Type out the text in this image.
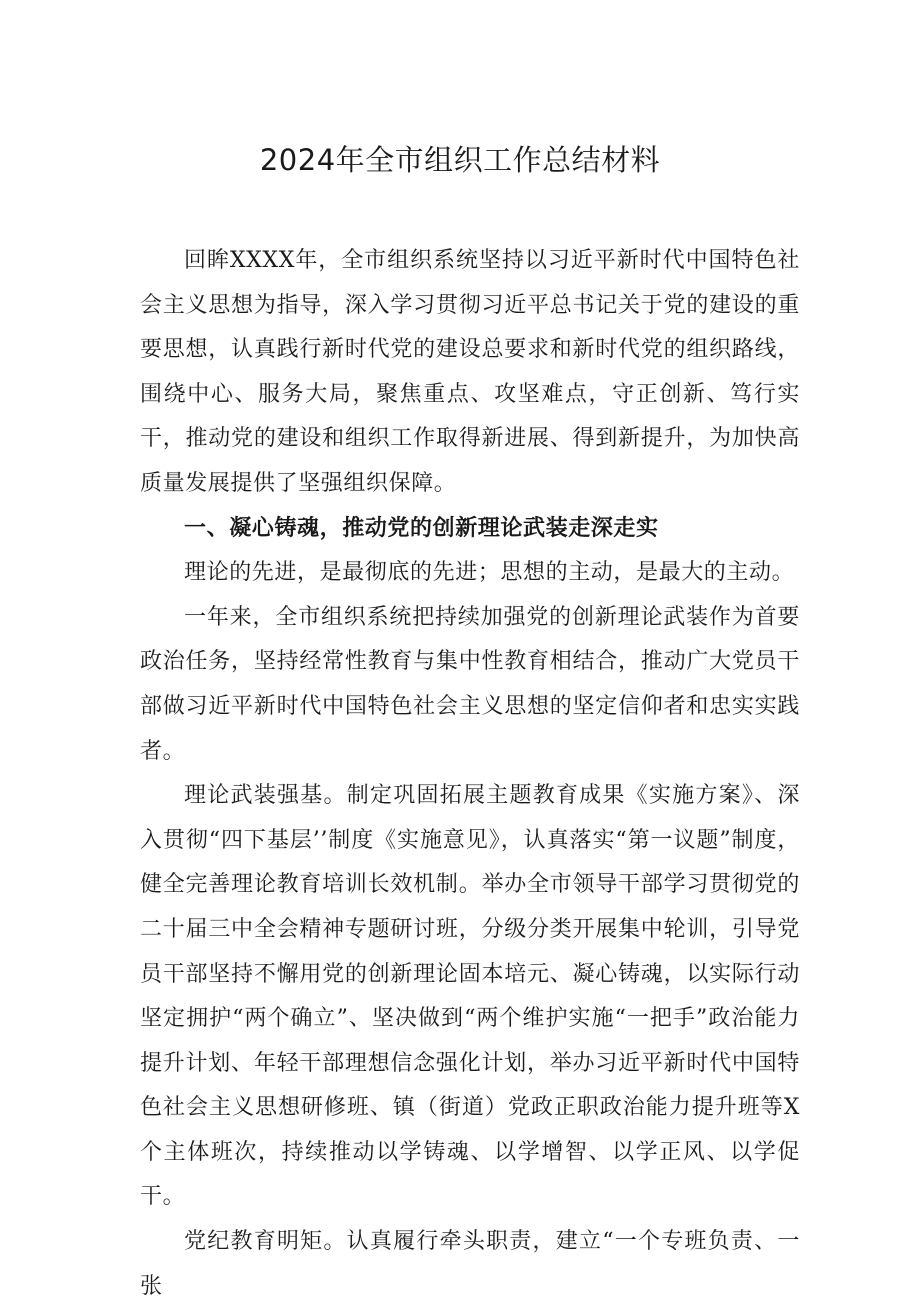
2024年全市组织工作总结材料

回眸XXXX年，全市组织系统坚持以习近平新时代中国特色社会主义思想为指导，深入学习贯彻习近平总书记关于党的建设的重要思想，认真践行新时代党的建设总要求和新时代党的组织路线，围绕中心、服务大局，聚焦重点、攻坚难点，守正创新、笃行实干，推动党的建设和组织工作取得新进展、得到新提升，为加快高质量发展提供了坚强组织保障。

一、凝心铸魂，推动党的创新理论武装走深走实

理论的先进，是最彻底的先进；思想的主动，是最大的主动。

一年来，全市组织系统把持续加强党的创新理论武装作为首要政治任务，坚持经常性教育与集中性教育相结合，推动广大党员干部做习近平新时代中国特色社会主义思想的坚定信仰者和忠实实践者。

理论武装强基。制定巩固拓展主题教育成果《实施方案》、深入贯彻“四下基层’’制度《实施意见》，认真落实“第一议题”制度，健全完善理论教育培训长效机制。举办全市领导干部学习贯彻党的二十届三中全会精神专题研讨班，分级分类开展集中轮训，引导党员干部坚持不懈用党的创新理论固本培元、凝心铸魂，以实际行动坚定拥护“两个确立”、坚决做到“两个维护实施“一把手”政治能力提升计划、年轻干部理想信念强化计划，举办习近平新时代中国特色社会主义思想研修班、镇（街道）党政正职政治能力提升班等X个主体班次，持续推动以学铸魂、以学增智、以学正风、以学促干。

党纪教育明矩。认真履行牵头职责，建立“一个专班负责、一张
